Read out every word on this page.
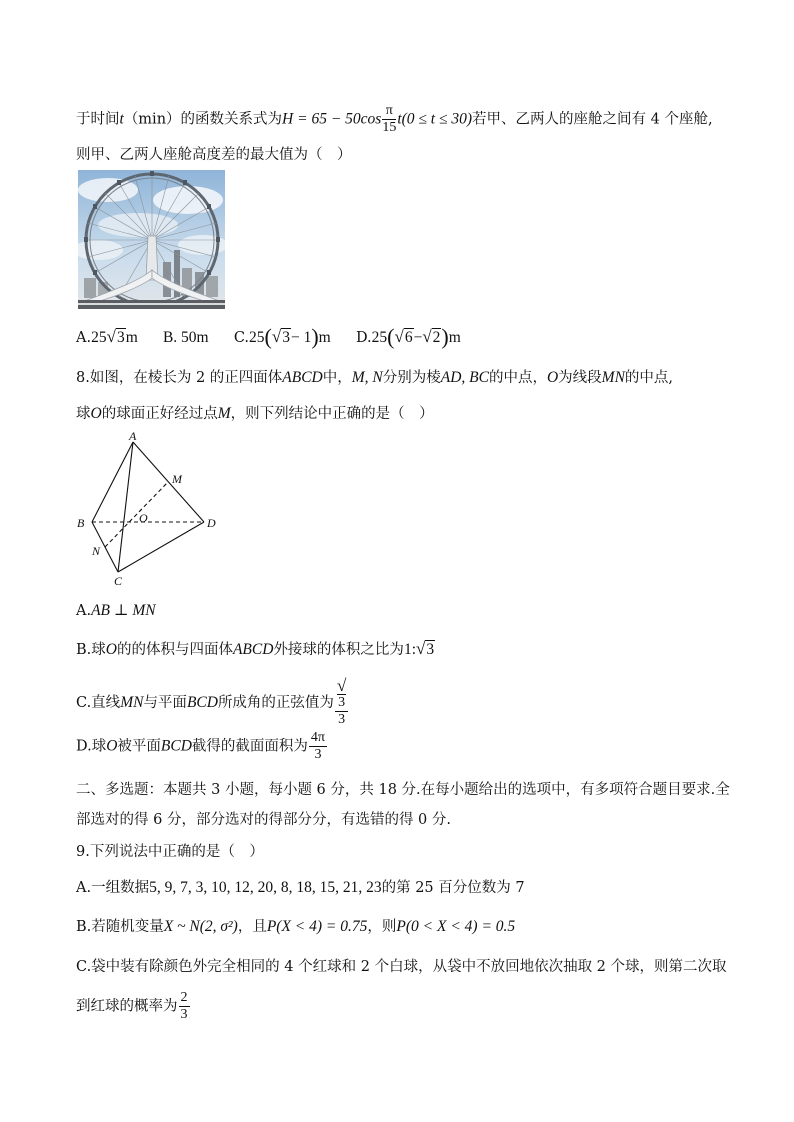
于时间t（min）的函数关系式为$H = 65 - 50\cos \frac{\pi}{15} t(0 \le t \le 30)$若甲、乙两人的座舱之间有 4 个座舱,
则甲、乙两人座舱高度差的最大值为（　）
A.25√3m B. 50m C.25(√3− 1)m D.25(√6−√2)m
8.如图，在棱长为 2 的正四面体ABCD中，M, N分别为棱AD, BC的中点，O为线段MN的中点,
球O的球面正好经过点M，则下列结论中正确的是（　）
A
B
C
D
M
N
O
A.AB ⊥ MN
B.球O的的体积与四面体ABCD外接球的体积之比为1:√3
C.直线MN与平面BCD所成角的正弦值为 √
3
3
D.球O被平面BCD截得的截面面积为 $\frac{4\pi}{3}$
二、多选题：本题共 3 小题，每小题 6 分，共 18 分.在每小题给出的选项中，有多项符合题目要求.全
部选对的得 6 分，部分选对的得部分分，有选错的得 0 分.
9.下列说法中正确的是（　）
A.一组数据5, 9, 7, 3, 10, 12, 20, 8, 18, 15, 21, 23的第 25 百分位数为 7
B.若随机变量X ~ N(2, σ²)，且P(X < 4) = 0.75，则P(0 < X < 4) = 0.5
C.袋中装有除颜色外完全相同的 4 个红球和 2 个白球，从袋中不放回地依次抽取 2 个球，则第二次取
到红球的概率为 $\frac{2}{3}$
